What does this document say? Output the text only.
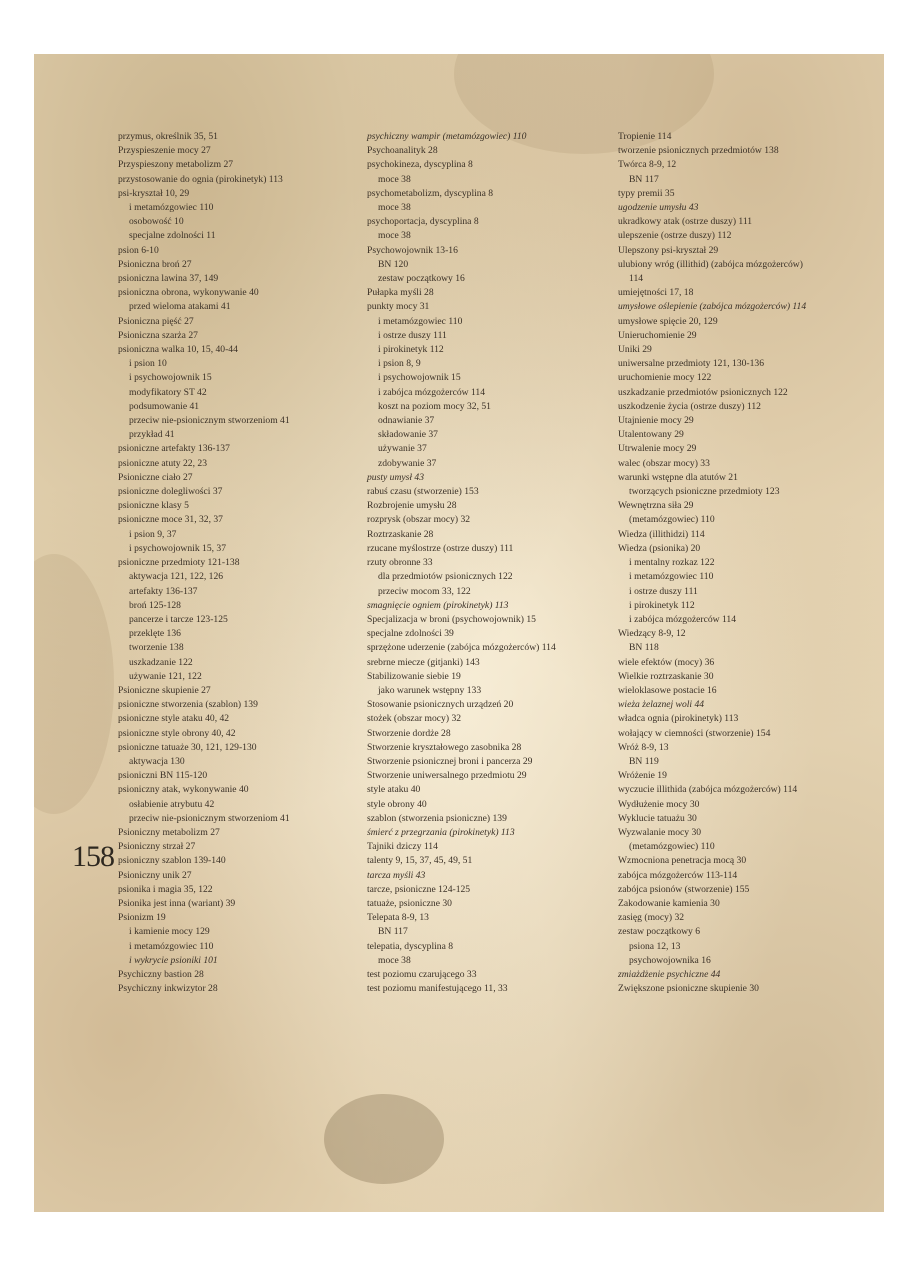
przymus, określnik 35, 51
Przyspieszenie mocy 27
Przyspieszony metabolizm 27
przystosowanie do ognia (pirokinetyk) 113
psi-kryształ 10, 29
i metamózgowiec 110
osobowość 10
specjalne zdolności 11
psion 6-10
Psioniczna broń 27
psioniczna lawina 37, 149
psioniczna obrona, wykonywanie 40
przed wieloma atakami 41
Psioniczna pięść 27
Psioniczna szarża 27
psioniczna walka 10, 15, 40-44
i psion 10
i psychowojownik 15
modyfikatory ST 42
podsumowanie 41
przeciw nie-psionicznym stworzeniom 41
przykład 41
psioniczne artefakty 136-137
psioniczne atuty 22, 23
Psioniczne ciało 27
psioniczne dolegliwości 37
psioniczne klasy 5
psioniczne moce 31, 32, 37
i psion 9, 37
i psychowojownik 15, 37
psioniczne przedmioty 121-138
aktywacja 121, 122, 126
artefakty 136-137
broń 125-128
pancerze i tarcze 123-125
przeklęte 136
tworzenie 138
uszkadzanie 122
używanie 121, 122
Psioniczne skupienie 27
psioniczne stworzenia (szablon) 139
psioniczne style ataku 40, 42
psioniczne style obrony 40, 42
psioniczne tatuaże 30, 121, 129-130
aktywacja 130
psioniczni BN 115-120
psioniczny atak, wykonywanie 40
osłabienie atrybutu 42
przeciw nie-psionicznym stworzeniom 41
Psioniczny metabolizm 27
Psioniczny strzał 27
psioniczny szablon 139-140
Psioniczny unik 27
psionika i magia 35, 122
Psionika jest inna (wariant) 39
Psionizm 19
i kamienie mocy 129
i metamózgowiec 110
i wykrycie psioniki 101
Psychiczny bastion 28
Psychiczny inkwizytor 28
psychiczny wampir (metamózgowiec) 110
Psychoanalityk 28
psychokineza, dyscyplina 8
moce 38
psychometabolizm, dyscyplina 8
moce 38
psychoportacja, dyscyplina 8
moce 38
Psychowojownik 13-16
BN 120
zestaw początkowy 16
Pułapka myśli 28
punkty mocy 31
i metamózgowiec 110
i ostrze duszy 111
i pirokinetyk 112
i psion 8, 9
i psychowojownik 15
i zabójca mózgożerców 114
koszt na poziom mocy 32, 51
odnawianie 37
składowanie 37
używanie 37
zdobywanie 37
pusty umysł 43
rabuś czasu (stworzenie) 153
Rozbrojenie umysłu 28
rozprysk (obszar mocy) 32
Roztrzaskanie 28
rzucane myślostrze (ostrze duszy) 111
rzuty obronne 33
dla przedmiotów psionicznych 122
przeciw mocom 33, 122
smagnięcie ogniem (pirokinetyk) 113
Specjalizacja w broni (psychowojownik) 15
specjalne zdolności 39
sprzężone uderzenie (zabójca mózgożerców) 114
srebrne miecze (gitjanki) 143
Stabilizowanie siebie 19
jako warunek wstępny 133
Stosowanie psionicznych urządzeń 20
stożek (obszar mocy) 32
Stworzenie dordże 28
Stworzenie kryształowego zasobnika 28
Stworzenie psionicznej broni i pancerza 29
Stworzenie uniwersalnego przedmiotu 29
style ataku 40
style obrony 40
szablon (stworzenia psioniczne) 139
śmierć z przegrzania (pirokinetyk) 113
Tajniki dziczy 114
talenty 9, 15, 37, 45, 49, 51
tarcza myśli 43
tarcze, psioniczne 124-125
tatuaże, psioniczne 30
Telepata 8-9, 13
BN 117
telepatia, dyscyplina 8
moce 38
test poziomu czarującego 33
test poziomu manifestującego 11, 33
Tropienie 114
tworzenie psionicznych przedmiotów 138
Twórca 8-9, 12
BN 117
typy premii 35
ugodzenie umysłu 43
ukradkowy atak (ostrze duszy) 111
ulepszenie (ostrze duszy) 112
Ulepszony psi-kryształ 29
ulubiony wróg (illithid) (zabójca mózgożerców)
114
umiejętności 17, 18
umysłowe oślepienie (zabójca mózgożerców) 114
umysłowe spięcie 20, 129
Unieruchomienie 29
Uniki 29
uniwersalne przedmioty 121, 130-136
uruchomienie mocy 122
uszkadzanie przedmiotów psionicznych 122
uszkodzenie życia (ostrze duszy) 112
Utajnienie mocy 29
Utalentowany 29
Utrwalenie mocy 29
walec (obszar mocy) 33
warunki wstępne dla atutów 21
tworzących psioniczne przedmioty 123
Wewnętrzna siła 29
(metamózgowiec) 110
Wiedza (illithidzi) 114
Wiedza (psionika) 20
i mentalny rozkaz 122
i metamózgowiec 110
i ostrze duszy 111
i pirokinetyk 112
i zabójca mózgożerców 114
Wiedzący 8-9, 12
BN 118
wiele efektów (mocy) 36
Wielkie roztrzaskanie 30
wieloklasowe postacie 16
wieża żelaznej woli 44
władca ognia (pirokinetyk) 113
wołający w ciemności (stworzenie) 154
Wróż 8-9, 13
BN 119
Wróżenie 19
wyczucie illithida (zabójca mózgożerców) 114
Wydłużenie mocy 30
Wyklucie tatuażu 30
Wyzwalanie mocy 30
(metamózgowiec) 110
Wzmocniona penetracja mocą 30
zabójca mózgożerców 113-114
zabójca psionów (stworzenie) 155
Zakodowanie kamienia 30
zasięg (mocy) 32
zestaw początkowy 6
psiona 12, 13
psychowojownika 16
zmiażdżenie psychiczne 44
Zwiększone psioniczne skupienie 30
158
